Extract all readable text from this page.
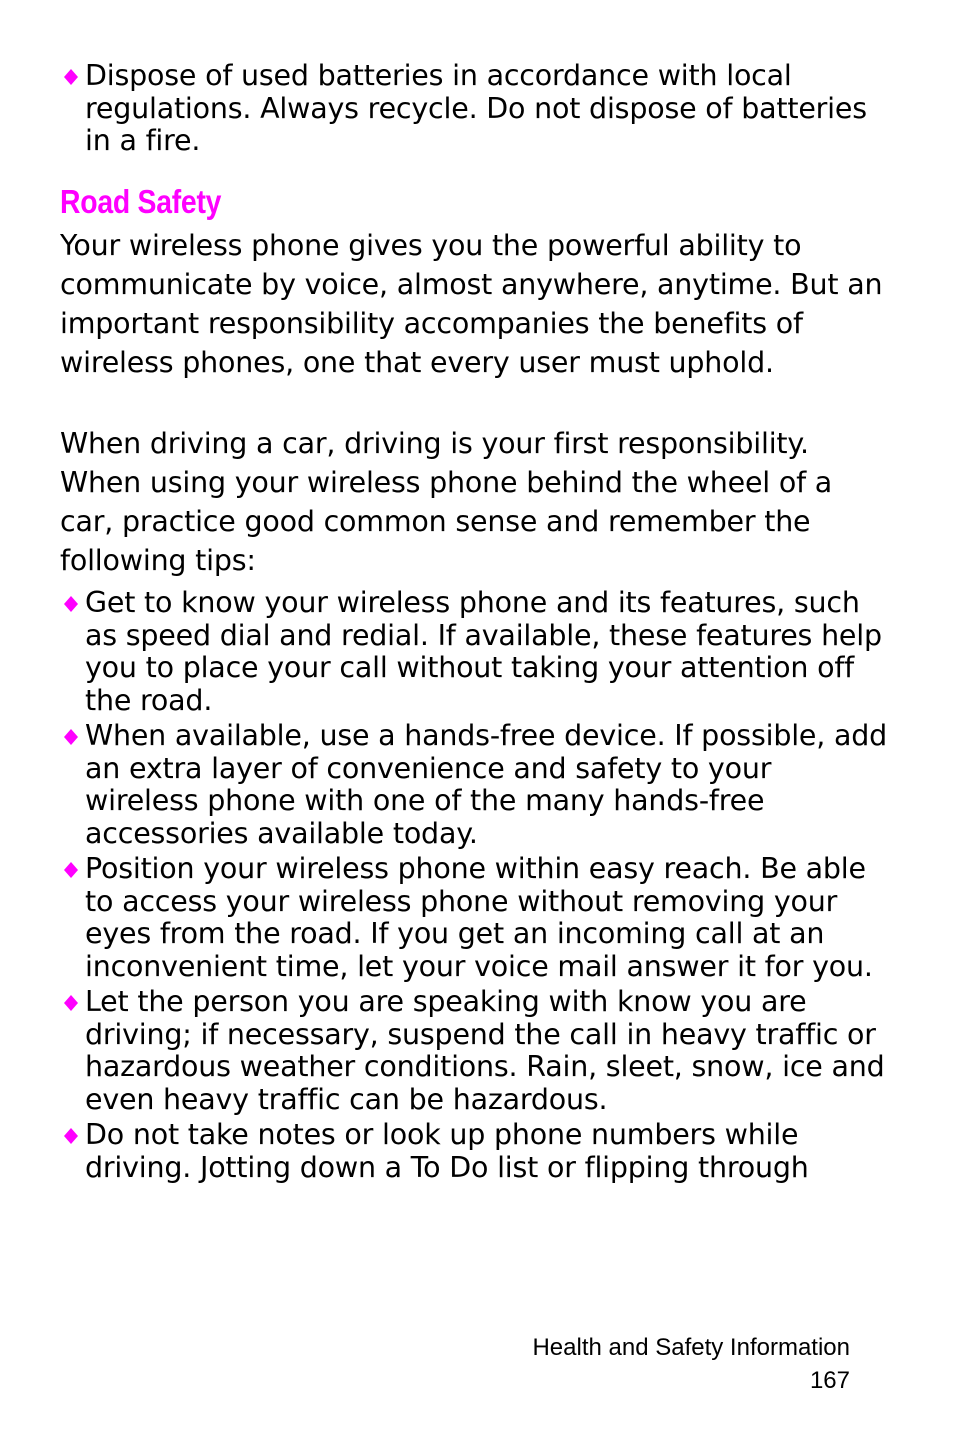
Dispose of used batteries in accordance with local regulations. Always recycle. Do not dispose of batteries in a fire.
Road Safety

Your wireless phone gives you the powerful ability to communicate by voice, almost anywhere, anytime. But an important responsibility accompanies the benefits of wireless phones, one that every user must uphold.

When driving a car, driving is your first responsibility. When using your wireless phone behind the wheel of a car, practice good common sense and remember the following tips:

Get to know your wireless phone and its features, such as speed dial and redial. If available, these features help you to place your call without taking your attention off the road.
When available, use a hands-free device. If possible, add an extra layer of convenience and safety to your wireless phone with one of the many hands-free accessories available today.
Position your wireless phone within easy reach. Be able to access your wireless phone without removing your eyes from the road. If you get an incoming call at an inconvenient time, let your voice mail answer it for you.
Let the person you are speaking with know you are driving; if necessary, suspend the call in heavy traffic or hazardous weather conditions. Rain, sleet, snow, ice and even heavy traffic can be hazardous.
Do not take notes or look up phone numbers while driving. Jotting down a To Do list or flipping through
Health and Safety Information
167
